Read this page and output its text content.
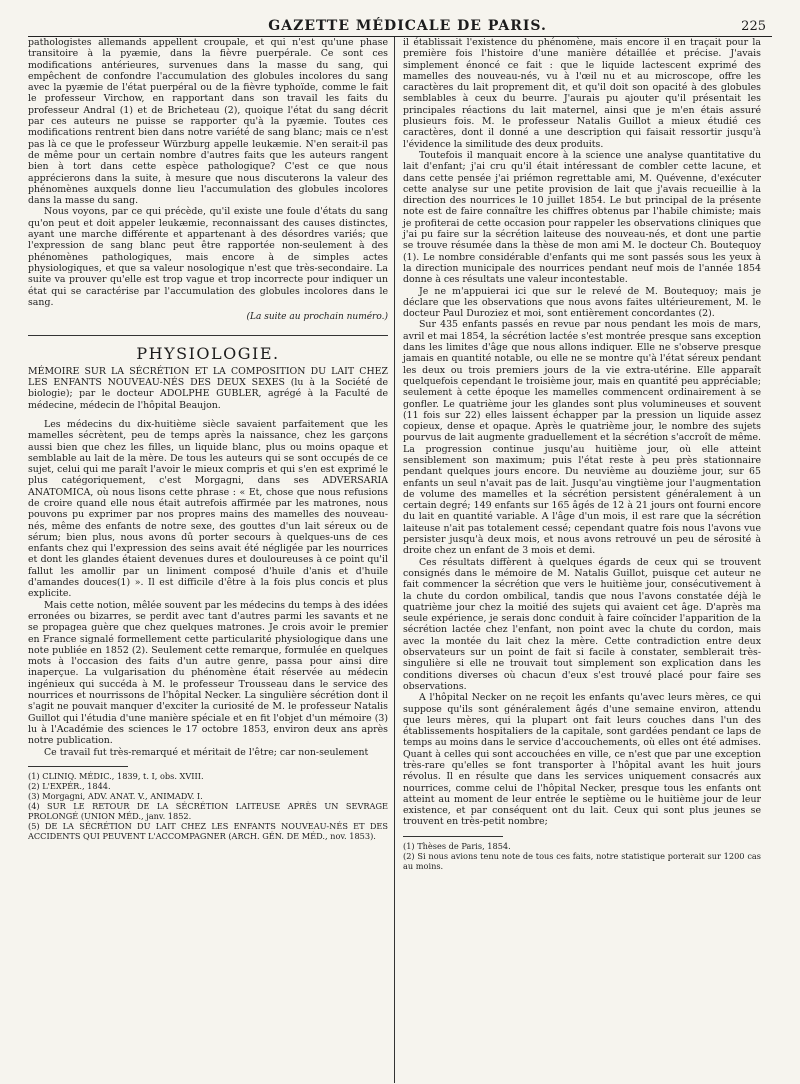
GAZETTE MÉDICALE DE PARIS.	225

pathologistes allemands appellent croupale, et qui n'est qu'une phase transitoire à la pyæmie, dans la fièvre puerpérale. Ce sont ces modifications antérieures, survenues dans la masse du sang, qui empêchent de confondre l'accumulation des globules incolores du sang avec la pyæmie de l'état puerpéral ou de la fièvre typhoïde, comme le fait le professeur Virchow, en rapportant dans son travail les faits du professeur Andral (1) et de Bricheteau (2), quoique l'état du sang décrit par ces auteurs ne puisse se rapporter qu'à la pyæmie. Toutes ces modifications rentrent bien dans notre variété de sang blanc; mais ce n'est pas là ce que le professeur Würzburg appelle leukæmie. N'en serait-il pas de même pour un certain nombre d'autres faits que les auteurs rangent bien à tort dans cette espèce pathologique? C'est ce que nous apprécierons dans la suite, à mesure que nous discuterons la valeur des phénomènes auxquels donne lieu l'accumulation des globules incolores dans la masse du sang.

Nous voyons, par ce qui précède, qu'il existe une foule d'états du sang qu'on peut et doit appeler leukæmie, reconnaissant des causes distinctes, ayant une marche différente et appartenant à des désordres variés; que l'expression de sang blanc peut être rapportée non-seulement à des phénomènes pathologiques, mais encore à de simples actes physiologiques, et que sa valeur nosologique n'est que très-secondaire. La suite va prouver qu'elle est trop vague et trop incorrecte pour indiquer un état qui se caractérise par l'accumulation des globules incolores dans le sang.

(La suite au prochain numéro.)
PHYSIOLOGIE.

MÉMOIRE SUR LA SÉCRÉTION ET LA COMPOSITION DU LAIT CHEZ LES ENFANTS NOUVEAU-NÉS DES DEUX SEXES (lu à la Société de biologie); par le docteur ADOLPHE GUBLER, agrégé à la Faculté de médecine, médecin de l'hôpital Beaujon.

Les médecins du dix-huitième siècle savaient parfaitement que les mamelles sécrètent, peu de temps après la naissance, chez les garçons aussi bien que chez les filles, un liquide blanc, plus ou moins opaque et semblable au lait de la mère. De tous les auteurs qui se sont occupés de ce sujet, celui qui me paraît l'avoir le mieux compris et qui s'en est exprimé le plus catégoriquement, c'est Morgagni, dans ses ADVERSARIA ANATOMICA, où nous lisons cette phrase : « Et, chose que nous refusions de croire quand elle nous était autrefois affirmée par les matrones, nous pouvons pu exprimer par nos propres mains des mamelles des nouveau-nés, même des enfants de notre sexe, des gouttes d'un lait séreux ou de sérum; bien plus, nous avons dû porter secours à quelques-uns de ces enfants chez qui l'expression des seins avait été négligée par les nourrices et dont les glandes étaient devenues dures et douloureuses à ce point qu'il fallut les amollir par un liniment composé d'huile d'anis et d'huile d'amandes douces(1) ». Il est difficile d'être à la fois plus concis et plus explicite.

Mais cette notion, mêlée souvent par les médecins du temps à des idées erronées ou bizarres, se perdit avec tant d'autres parmi les savants et ne se propagea guère que chez quelques matrones. Je crois avoir le premier en France signalé formellement cette particularité physiologique dans une note publiée en 1852 (2). Seulement cette remarque, formulée en quelques mots à l'occasion des faits d'un autre genre, passa pour ainsi dire inaperçue. La vulgarisation du phénomène était réservée au médecin ingénieux qui succéda à M. le professeur Trousseau dans le service des nourrices et nourrissons de l'hôpital Necker. La singulière sécrétion dont il s'agit ne pouvait manquer d'exciter la curiosité de M. le professeur Natalis Guillot qui l'étudia d'une manière spéciale et en fit l'objet d'un mémoire (3) lu à l'Académie des sciences le 17 octobre 1853, environ deux ans après notre publication.

Ce travail fut très-remarqué et méritait de l'être; car non-seulement

(1) CLINIQ. MÉDIC., 1839, t. I, obs. XVIII.

(2) L'EXPÉR., 1844.

(3) Morgagni, ADV. ANAT. V., ANIMADV. I.

(4) SUR LE RETOUR DE LA SÉCRÉTION LAITEUSE APRÈS UN SEVRAGE PROLONGÉ (UNION MÉD., janv. 1852.

(5) DE LA SÉCRÉTION DU LAIT CHEZ LES ENFANTS NOUVEAU-NÉS ET DES ACCIDENTS QUI PEUVENT L'ACCOMPAGNER (ARCH. GÉN. DE MÉD., nov. 1853).

il établissait l'existence du phénomène, mais encore il en traçait pour la première fois l'histoire d'une manière détaillée et précise. J'avais simplement énoncé ce fait : que le liquide lactescent exprimé des mamelles des nouveau-nés, vu à l'œil nu et au microscope, offre les caractères du lait proprement dit, et qu'il doit son opacité à des globules semblables à ceux du beurre. J'aurais pu ajouter qu'il présentait les principales réactions du lait maternel, ainsi que je m'en étais assuré plusieurs fois. M. le professeur Natalis Guillot a mieux étudié ces caractères, dont il donné a une description qui faisait ressortir jusqu'à l'évidence la similitude des deux produits.

Toutefois il manquait encore à la science une analyse quantitative du lait d'enfant; j'ai cru qu'il était intéressant de combler cette lacune, et dans cette pensée j'ai priémon regrettable ami, M. Quévenne, d'exécuter cette analyse sur une petite provision de lait que j'avais recueillie à la direction des nourrices le 10 juillet 1854. Le but principal de la présente note est de faire connaître les chiffres obtenus par l'habile chimiste; mais je profiterai de cette occasion pour rappeler les observations cliniques que j'ai pu faire sur la sécrétion laiteuse des nouveau-nés, et dont une partie se trouve résumée dans la thèse de mon ami M. le docteur Ch. Boutequoy (1). Le nombre considérable d'enfants qui me sont passés sous les yeux à la direction municipale des nourrices pendant neuf mois de l'année 1854 donne à ces résultats une valeur incontestable.

Je ne m'appuierai ici que sur le relevé de M. Boutequoy; mais je déclare que les observations que nous avons faites ultérieurement, M. le docteur Paul Duroziez et moi, sont entièrement concordantes (2).

Sur 435 enfants passés en revue par nous pendant les mois de mars, avril et mai 1854, la sécrétion lactée s'est montrée presque sans exception dans les limites d'âge que nous allons indiquer. Elle ne s'observe presque jamais en quantité notable, ou elle ne se montre qu'à l'état séreux pendant les deux ou trois premiers jours de la vie extra-utérine. Elle apparaît quelquefois cependant le troisième jour, mais en quantité peu appréciable; seulement à cette époque les mamelles commencent ordinairement à se gonfler. Le quatrième jour les glandes sont plus volumineuses et souvent (11 fois sur 22) elles laissent échapper par la pression un liquide assez copieux, dense et opaque. Après le quatrième jour, le nombre des sujets pourvus de lait augmente graduellement et la sécrétion s'accroît de même. La progression continue jusqu'au huitième jour, où elle atteint sensiblement son maximum; puis l'état reste à peu près stationnaire pendant quelques jours encore. Du neuvième au douzième jour, sur 65 enfants un seul n'avait pas de lait. Jusqu'au vingtième jour l'augmentation de volume des mamelles et la sécrétion persistent généralement à un certain degré; 149 enfants sur 165 âgés de 12 à 21 jours ont fourni encore du lait en quantité variable. A l'âge d'un mois, il est rare que la sécrétion laiteuse n'ait pas totalement cessé; cependant quatre fois nous l'avons vue persister jusqu'à deux mois, et nous avons retrouvé un peu de sérosité à droite chez un enfant de 3 mois et demi.

Ces résultats diffèrent à quelques égards de ceux qui se trouvent consignés dans le mémoire de M. Natalis Guillot, puisque cet auteur ne fait commencer la sécrétion que vers le huitième jour, consécutivement à la chute du cordon ombilical, tandis que nous l'avons constatée déjà le quatrième jour chez la moitié des sujets qui avaient cet âge. D'après ma seule expérience, je serais donc conduit à faire coïncider l'apparition de la sécrétion lactée chez l'enfant, non point avec la chute du cordon, mais avec la montée du lait chez la mère. Cette contradiction entre deux observateurs sur un point de fait si facile à constater, semblerait très-singulière si elle ne trouvait tout simplement son explication dans les conditions diverses où chacun d'eux s'est trouvé placé pour faire ses observations.

A l'hôpital Necker on ne reçoit les enfants qu'avec leurs mères, ce qui suppose qu'ils sont généralement âgés d'une semaine environ, attendu que leurs mères, qui la plupart ont fait leurs couches dans l'un des établissements hospitaliers de la capitale, sont gardées pendant ce laps de temps au moins dans le service d'accouchements, où elles ont été admises. Quant à celles qui sont accouchées en ville, ce n'est que par une exception très-rare qu'elles se font transporter à l'hôpital avant les huit jours révolus. Il en résulte que dans les services uniquement consacrés aux nourrices, comme celui de l'hôpital Necker, presque tous les enfants ont atteint au moment de leur entrée le septième ou le huitième jour de leur existence, et par conséquent ont du lait. Ceux qui sont plus jeunes se trouvent en très-petit nombre;

(1) Thèses de Paris, 1854.

(2) Si nous avions tenu note de tous ces faits, notre statistique porterait sur 1200 cas au moins.
